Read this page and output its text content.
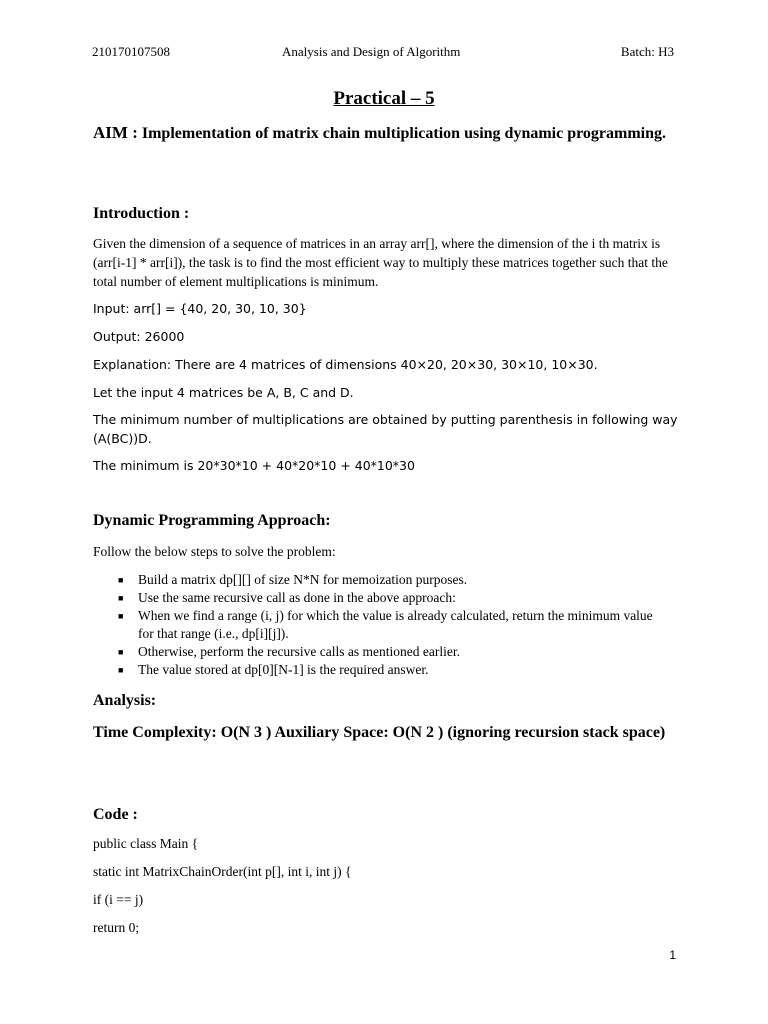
210170107508	Analysis and Design of Algorithm	Batch: H3
Practical – 5
AIM : Implementation of matrix chain multiplication using dynamic programming.
Introduction :
Given the dimension of a sequence of matrices in an array arr[], where the dimension of the i th matrix is (arr[i-1] * arr[i]), the task is to find the most efficient way to multiply these matrices together such that the total number of element multiplications is minimum.
Input: arr[] = {40, 20, 30, 10, 30}
Output: 26000
Explanation: There are 4 matrices of dimensions 40×20, 20×30, 30×10, 10×30.
Let the input 4 matrices be A, B, C and D.
The minimum number of multiplications are obtained by putting parenthesis in following way (A(BC))D.
The minimum is 20*30*10 + 40*20*10 + 40*10*30
Dynamic Programming Approach:
Follow the below steps to solve the problem:
■ Build a matrix dp[][] of size N*N for memoization purposes.
■ Use the same recursive call as done in the above approach:
■ When we find a range (i, j) for which the value is already calculated, return the minimum value for that range (i.e., dp[i][j]).
■ Otherwise, perform the recursive calls as mentioned earlier.
■ The value stored at dp[0][N-1] is the required answer.
Analysis:
Time Complexity: O(N 3 ) Auxiliary Space: O(N 2 ) (ignoring recursion stack space)
Code :
public class Main {
static int MatrixChainOrder(int p[], int i, int j) {
if (i == j)
return 0;
1
